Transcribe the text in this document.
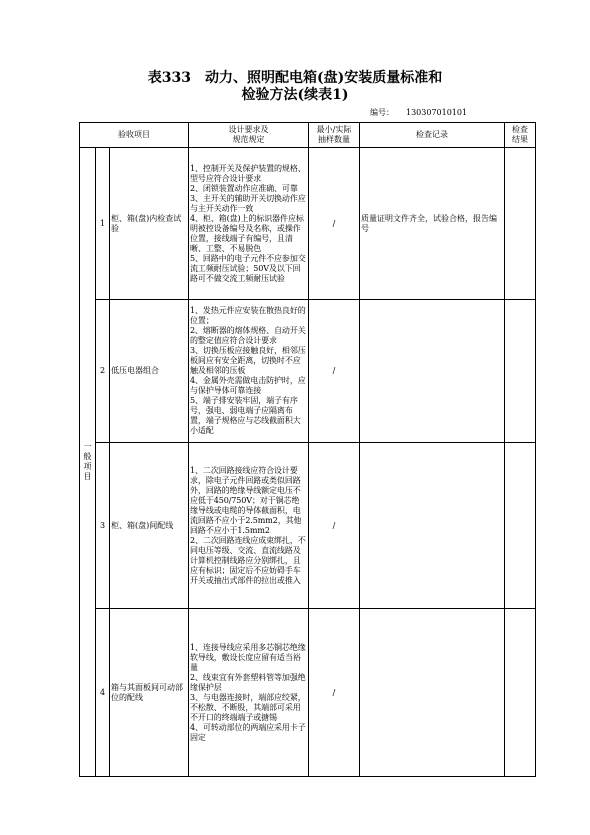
表333　动力、照明配电箱(盘)安装质量标准和
检验方法(续表1)
编号： 130307010101
验收项目			设计要求及
规范规定	最小/实际
抽样数量	检查记录	检查
结果
一般项目	1	柜、箱(盘)内检查试验	1、控制开关及保护装置的规格、型号应符合设计要求
2、闭锁装置动作应准确、可靠
3、主开关的辅助开关切换动作应与主开关动作一致
4、柜、箱(盘)上的标识器件应标明被控设备编号及名称，或操作位置，接线端子有编号，且清晰、工整、不易脱色
5、回路中的电子元件不应参加交流工频耐压试验；50V及以下回路可不做交流工频耐压试验	/	质量证明文件齐全，试验合格，报告编号	
	2	低压电器组合	1、发热元件应安装在散热良好的位置；
2、熔断器的熔体规格、自动开关的整定值应符合设计要求
3、切换压板应接触良好，相邻压板间应有安全距离，切换时不应触及相邻的压板
4、金属外壳需做电击防护时，应与保护导体可靠连接
5、端子排安装牢固，端子有序号，强电、弱电端子应隔离布置，端子规格应与芯线截面积大小适配	/		
	3	柜、箱(盘)间配线	1、二次回路接线应符合设计要求，除电子元件回路或类似回路外，回路的绝缘导线额定电压不应低于450/750V；对于铜芯绝缘导线或电缆的导体截面积，电流回路不应小于2.5mm2，其他回路不应小于1.5mm2
2、二次回路连线应成束绑扎，不同电压等级、交流、直流线路及计算机控制线路应分别绑扎，且应有标识；固定后不应妨碍手车开关或抽出式部件的拉出或推入	/		
	4	箱与其面板间可动部位的配线	1、连接导线应采用多芯铜芯绝缘软导线，敷设长度应留有适当裕量
2、线束宜有外套塑料管等加强绝缘保护层
3、与电器连接时，端部应绞紧，不松散、不断股，其端部可采用不开口的终端端子或搪锡
4、可转动部位的两端应采用卡子固定	/		
